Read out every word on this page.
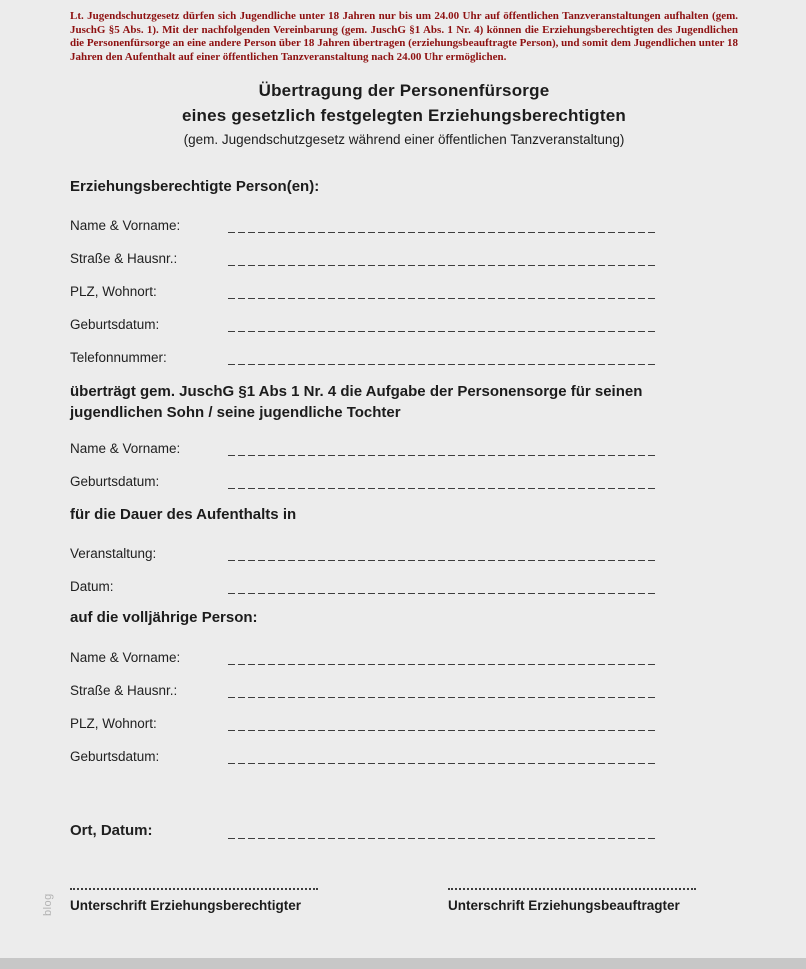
Lt. Jugendschutzgesetz dürfen sich Jugendliche unter 18 Jahren nur bis um 24.00 Uhr auf öffentlichen Tanzveranstaltungen aufhalten (gem. JuschG §5 Abs. 1). Mit der nachfolgenden Vereinbarung (gem. JuschG §1 Abs. 1 Nr. 4) können die Erziehungsberechtigten des Jugendlichen die Personenfürsorge an eine andere Person über 18 Jahren übertragen (erziehungsbeauftragte Person), und somit dem Jugendlichen unter 18 Jahren den Aufenthalt auf einer öffentlichen Tanzveranstaltung nach 24.00 Uhr ermöglichen.

Übertragung der Personenfürsorge
eines gesetzlich festgelegten Erziehungsberechtigten
(gem. Jugendschutzgesetz während einer öffentlichen Tanzveranstaltung)
Erziehungsberechtigte Person(en):
Name & Vorname:
Straße & Hausnr.:
PLZ, Wohnort:
Geburtsdatum:
Telefonnummer:

überträgt gem. JuschG §1 Abs 1 Nr. 4 die Aufgabe der Personensorge für seinen jugendlichen Sohn / seine jugendliche Tochter

Name & Vorname:
Geburtsdatum:
für die Dauer des Aufenthalts in
Veranstaltung:
Datum:
auf die volljährige Person:
Name & Vorname:
Straße & Hausnr.:
PLZ, Wohnort:
Geburtsdatum:
Ort, Datum:
Unterschrift Erziehungsberechtigter	Unterschrift Erziehungsbeauftragter
blog
